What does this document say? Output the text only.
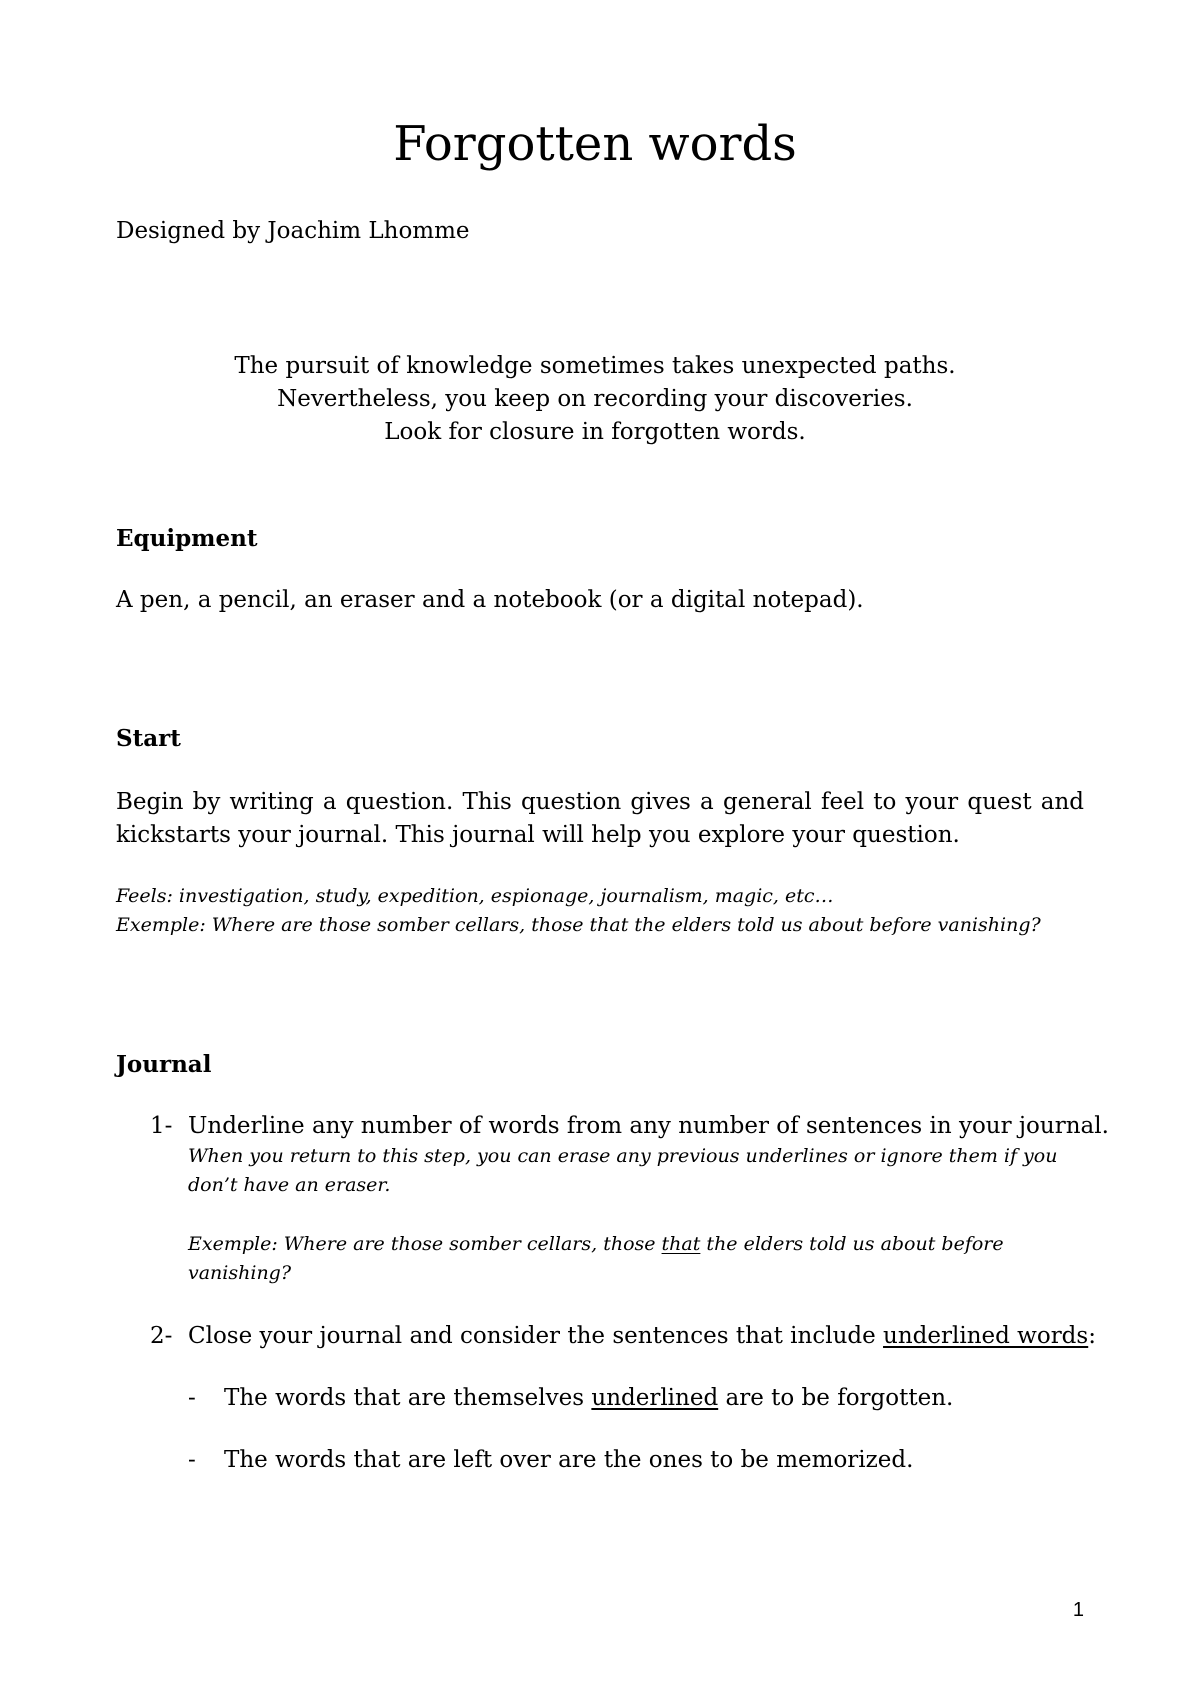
Forgotten words
Designed by Joachim Lhomme
The pursuit of knowledge sometimes takes unexpected paths.
Nevertheless, you keep on recording your discoveries.
Look for closure in forgotten words.
Equipment
A pen, a pencil, an eraser and a notebook (or a digital notepad).
Start
Begin by writing a question. This question gives a general feel to your quest and
kickstarts your journal. This journal will help you explore your question.
Feels: investigation, study, expedition, espionage, journalism, magic, etc…
Exemple: Where are those somber cellars, those that the elders told us about before vanishing?
Journal
1- Underline any number of words from any number of sentences in your journal.
When you return to this step, you can erase any previous underlines or ignore them if you don’t have an eraser.
Exemple: Where are those somber cellars, those that the elders told us about before vanishing?
2- Close your journal and consider the sentences that include underlined words:
- The words that are themselves underlined are to be forgotten.
- The words that are left over are the ones to be memorized.
1
